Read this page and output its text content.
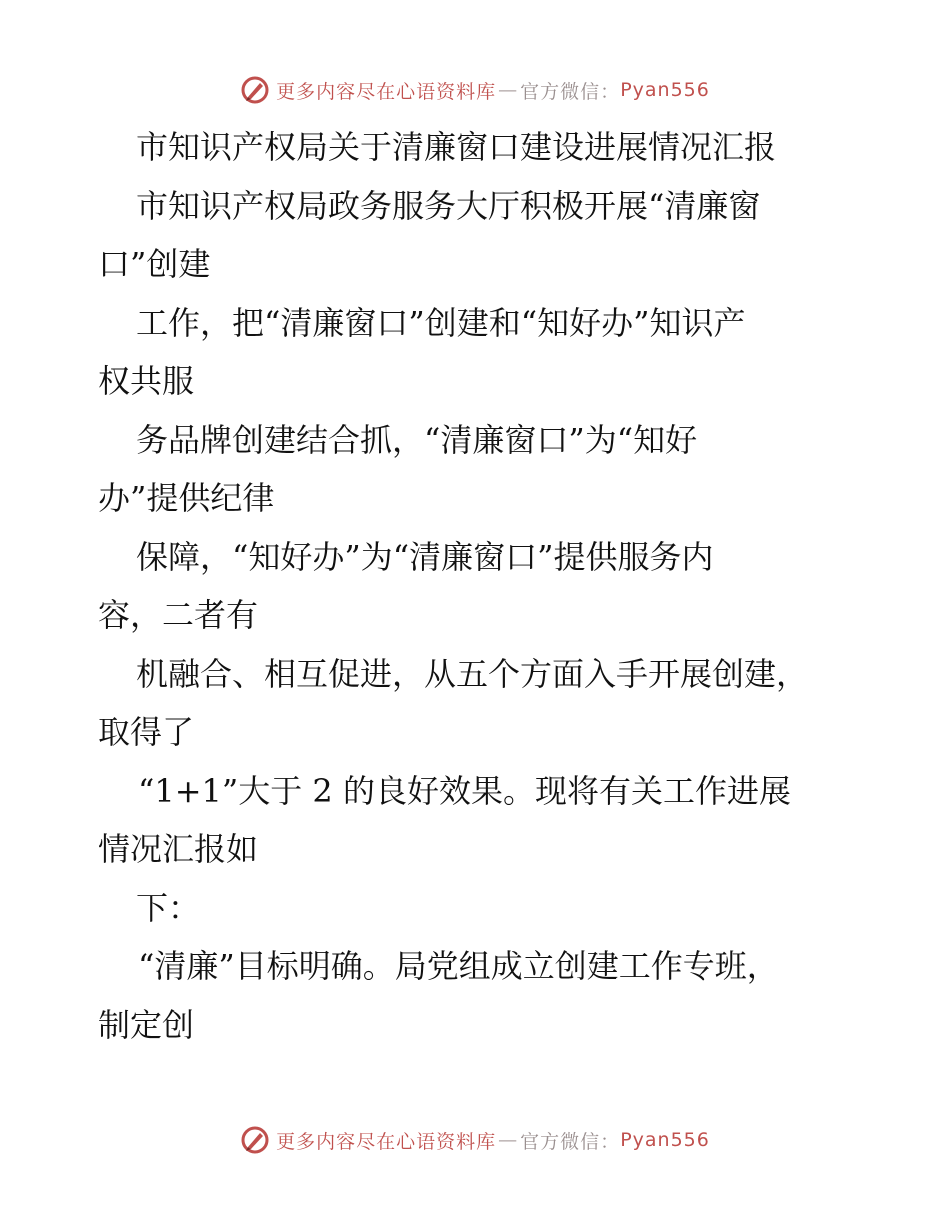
更多内容尽在心语资料库 — 官方微信： Pyan556
市知识产权局关于清廉窗口建设进展情况汇报
市知识产权局政务服务大厅积极开展“清廉窗
口”创建
工作，把“清廉窗口”创建和“知好办”知识产
权共服
务品牌创建结合抓，“清廉窗口”为“知好
办”提供纪律
保障，“知好办”为“清廉窗口”提供服务内
容，二者有
机融合、相互促进，从五个方面入手开展创建，
取得了
“1+1”大于 2 的良好效果。现将有关工作进展
情况汇报如
下：
“清廉”目标明确。局党组成立创建工作专班，
制定创
更多内容尽在心语资料库 — 官方微信： Pyan556
